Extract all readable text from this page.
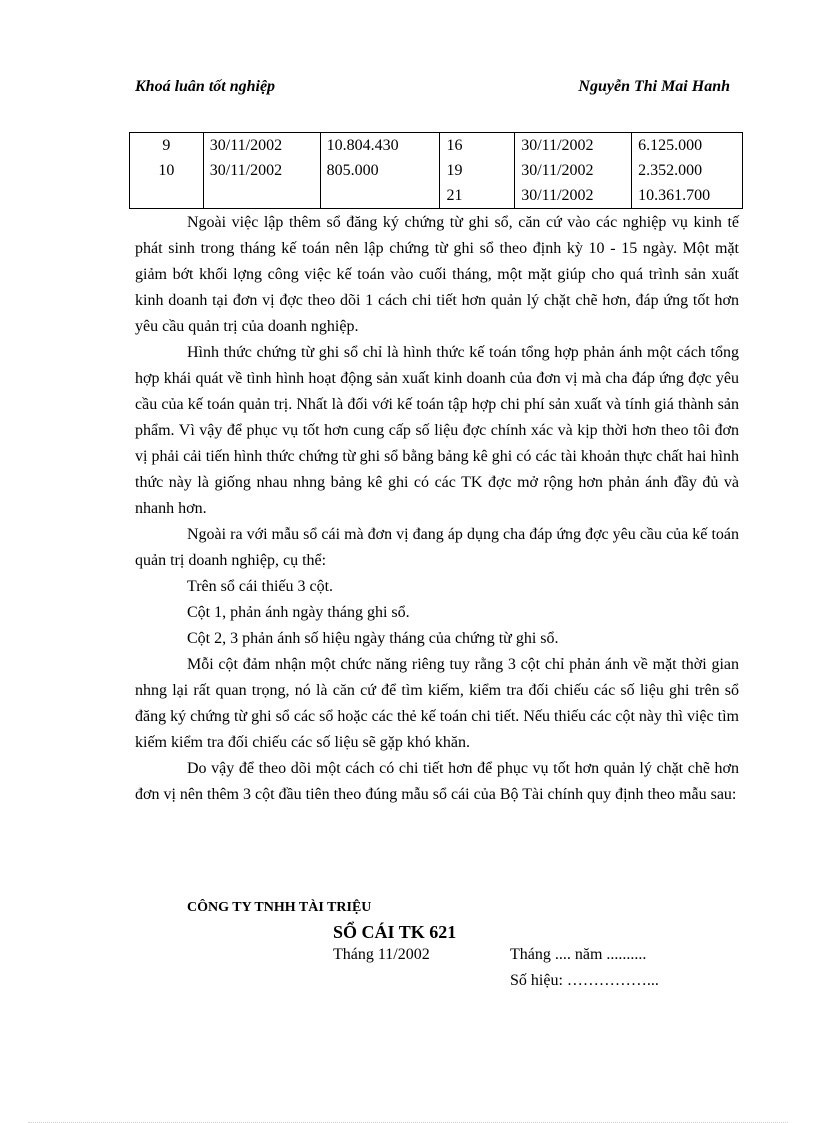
Khoá luân tốt nghiệp	Nguyễn Thi Mai Hanh
9	30/11/2002	10.804.430	16	30/11/2002	6.125.000
10	30/11/2002	805.000	19	30/11/2002	2.352.000
			21	30/11/2002	10.361.700

Ngoài việc lập thêm sổ đăng ký chứng từ ghi sổ, căn cứ vào các nghiệp vụ kinh tế phát sinh trong tháng kế toán nên lập chứng từ ghi sổ theo định kỳ 10 - 15 ngày. Một mặt giảm bớt khối lợng công việc kế toán vào cuối tháng, một mặt giúp cho quá trình sản xuất kinh doanh tại đơn vị đợc theo dõi 1 cách chi tiết hơn quản lý chặt chẽ hơn, đáp ứng tốt hơn yêu cầu quản trị của doanh nghiệp.

Hình thức chứng từ ghi sổ chỉ là hình thức kế toán tổng hợp phản ánh một cách tổng hợp khái quát về tình hình hoạt động sản xuất kinh doanh của đơn vị mà cha đáp ứng đợc yêu cầu của kế toán quản trị. Nhất là đối với kế toán tập hợp chi phí sản xuất và tính giá thành sản phẩm. Vì vậy để phục vụ tốt hơn cung cấp số liệu đợc chính xác và kịp thời hơn theo tôi đơn vị phải cải tiến hình thức chứng từ ghi sổ bằng bảng kê ghi có các tài khoản thực chất hai hình thức này là giống nhau nhng bảng kê ghi có các TK đợc mở rộng hơn phản ánh đầy đủ và nhanh hơn.

Ngoài ra với mẫu sổ cái mà đơn vị đang áp dụng cha đáp ứng đợc yêu cầu của kế toán quản trị doanh nghiệp, cụ thể:

Trên sổ cái thiếu 3 cột.

Cột 1, phản ánh ngày tháng ghi sổ.

Cột 2, 3 phản ánh số hiệu ngày tháng của chứng từ ghi sổ.

Mỗi cột đảm nhận một chức năng riêng tuy rằng 3 cột chỉ phản ánh về mặt thời gian nhng lại rất quan trọng, nó là căn cứ để tìm kiếm, kiểm tra đối chiếu các số liệu ghi trên sổ đăng ký chứng từ ghi sổ các sổ hoặc các thẻ kế toán chi tiết. Nếu thiếu các cột này thì việc tìm kiếm kiểm tra đối chiếu các số liệu sẽ gặp khó khăn.

Do vậy để theo dõi một cách có chi tiết hơn để phục vụ tốt hơn quản lý chặt chẽ hơn đơn vị nên thêm 3 cột đầu tiên theo đúng mẫu sổ cái của Bộ Tài chính quy định theo mẫu sau:

CÔNG TY TNHH TÀI TRIỆU
SỔ CÁI TK 621
Tháng 11/2002	Tháng .... năm ..........
Số hiệu: ……………...
